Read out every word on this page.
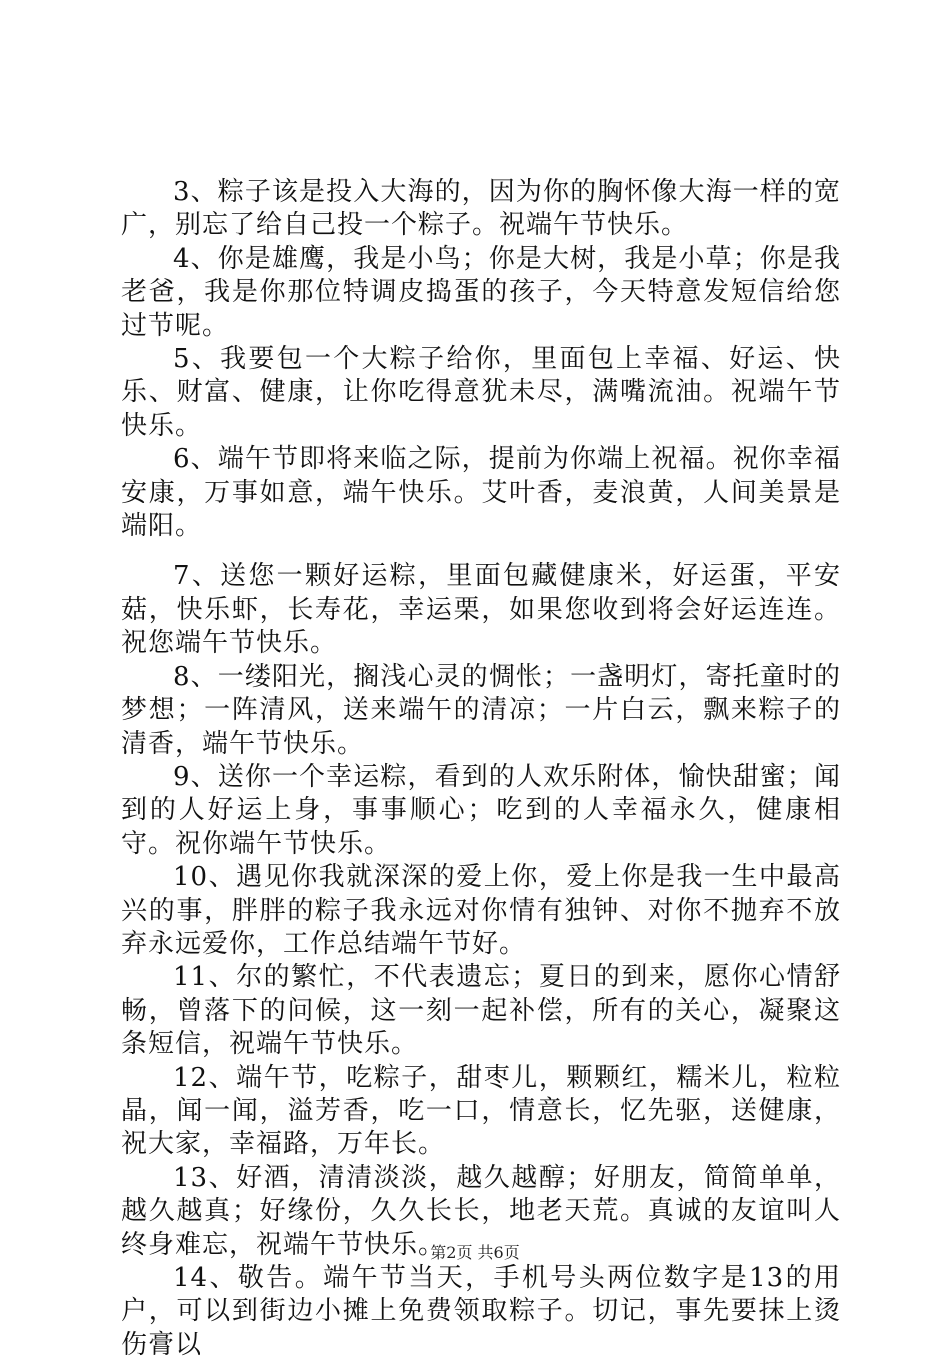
3、粽子该是投入大海的，因为你的胸怀像大海一样的宽广，别忘了给自己投一个粽子。祝端午节快乐。

4、你是雄鹰，我是小鸟；你是大树，我是小草；你是我老爸，我是你那位特调皮捣蛋的孩子，今天特意发短信给您过节呢。

5、我要包一个大粽子给你，里面包上幸福、好运、快乐、财富、健康，让你吃得意犹未尽，满嘴流油。祝端午节快乐。

6、端午节即将来临之际，提前为你端上祝福。祝你幸福安康，万事如意，端午快乐。艾叶香，麦浪黄，人间美景是端阳。

7、送您一颗好运粽，里面包藏健康米，好运蛋，平安菇，快乐虾，长寿花，幸运栗，如果您收到将会好运连连。祝您端午节快乐。

8、一缕阳光，搁浅心灵的惆怅；一盏明灯，寄托童时的梦想；一阵清风，送来端午的清凉；一片白云，飘来粽子的清香，端午节快乐。

9、送你一个幸运粽，看到的人欢乐附体，愉快甜蜜；闻到的人好运上身，事事顺心；吃到的人幸福永久，健康相守。祝你端午节快乐。

10、遇见你我就深深的爱上你，爱上你是我一生中最高兴的事，胖胖的粽子我永远对你情有独钟、对你不抛弃不放弃永远爱你，工作总结端午节好。

11、尔的繁忙，不代表遗忘；夏日的到来，愿你心情舒畅，曾落下的问候，这一刻一起补偿，所有的关心，凝聚这条短信，祝端午节快乐。

12、端午节，吃粽子，甜枣儿，颗颗红，糯米儿，粒粒晶，闻一闻，溢芳香，吃一口，情意长，忆先驱，送健康，祝大家，幸福路，万年长。

13、好酒，清清淡淡，越久越醇；好朋友，简简单单，越久越真；好缘份，久久长长，地老天荒。真诚的友谊叫人终身难忘，祝端午节快乐。

14、敬告。端午节当天，手机号头两位数字是13的用户，可以到街边小摊上免费领取粽子。切记，事先要抹上烫伤膏以

第2页 共6页
